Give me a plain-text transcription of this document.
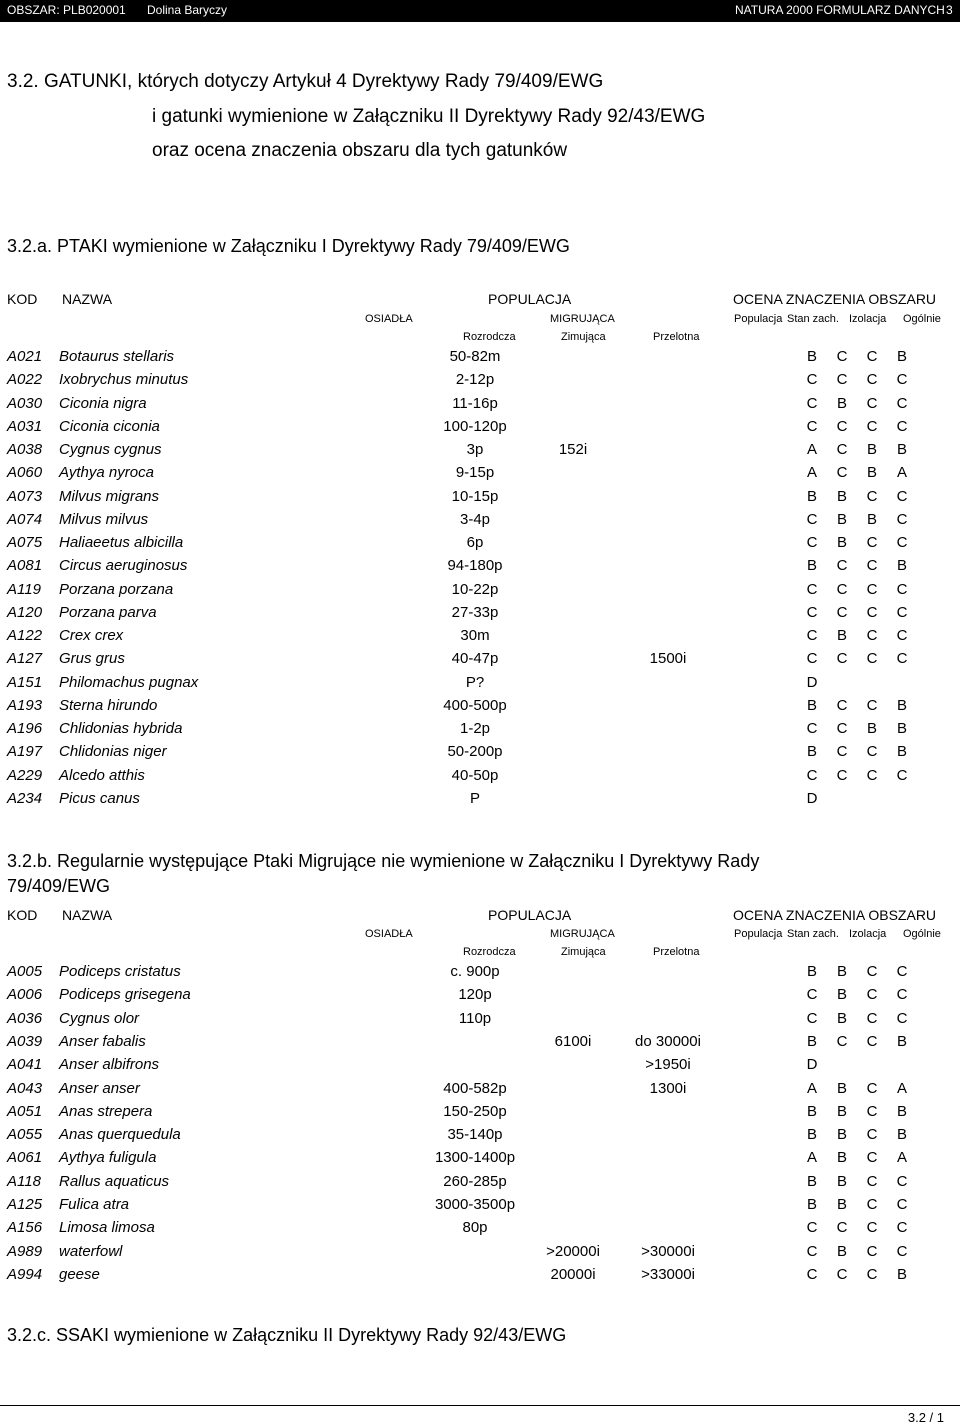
OBSZAR: PLB020001 Dolina Baryczy	NATURA 2000 FORMULARZ DANYCH 3
3.2. GATUNKI, których dotyczy Artykuł 4 Dyrektywy Rady 79/409/EWG
i gatunki wymienione w Załączniku II Dyrektywy Rady 92/43/EWG
oraz ocena znaczenia obszaru dla tych gatunków
3.2.a. PTAKI wymienione w Załączniku I Dyrektywy Rady 79/409/EWG
KOD NAZWA	POPULACJA	OCENA ZNACZENIA OBSZARU
OSIADŁA	MIGRUJĄCA	Populacja Stan zach. Izolacja Ogólnie
Rozrodcza	Zimująca	Przelotna
A021 Botaurus stellaris	50-82m	B C C B
A022 Ixobrychus minutus	2-12p	C C C C
A030 Ciconia nigra	11-16p	C B C C
A031 Ciconia ciconia	100-120p	C C C C
A038 Cygnus cygnus	3p	152i	A C B B
A060 Aythya nyroca	9-15p	A C B A
A073 Milvus migrans	10-15p	B B C C
A074 Milvus milvus	3-4p	C B B C
A075 Haliaeetus albicilla	6p	C B C C
A081 Circus aeruginosus	94-180p	B C C B
A119 Porzana porzana	10-22p	C C C C
A120 Porzana parva	27-33p	C C C C
A122 Crex crex	30m	C B C C
A127 Grus grus	40-47p	1500i	C C C C
A151 Philomachus pugnax	P?	D
A193 Sterna hirundo	400-500p	B C C B
A196 Chlidonias hybrida	1-2p	C C B B
A197 Chlidonias niger	50-200p	B C C B
A229 Alcedo atthis	40-50p	C C C C
A234 Picus canus	P	D
3.2.b. Regularnie występujące Ptaki Migrujące nie wymienione w Załączniku I Dyrektywy Rady
79/409/EWG
KOD NAZWA	POPULACJA	OCENA ZNACZENIA OBSZARU
OSIADŁA	MIGRUJĄCA	Populacja Stan zach. Izolacja Ogólnie
Rozrodcza	Zimująca	Przelotna
A005 Podiceps cristatus	c. 900p	B B C C
A006 Podiceps grisegena	120p	C B C C
A036 Cygnus olor	110p	C B C C
A039 Anser fabalis	6100i	do 30000i	B C C B
A041 Anser albifrons	>1950i	D
A043 Anser anser	400-582p	1300i	A B C A
A051 Anas strepera	150-250p	B B C B
A055 Anas querquedula	35-140p	B B C B
A061 Aythya fuligula	1300-1400p	A B C A
A118 Rallus aquaticus	260-285p	B B C C
A125 Fulica atra	3000-3500p	B B C C
A156 Limosa limosa	80p	C C C C
A989 waterfowl	>20000i	>30000i	C B C C
A994 geese	20000i	>33000i	C C C B
3.2.c. SSAKI wymienione w Załączniku II Dyrektywy Rady 92/43/EWG
3.2 / 1
